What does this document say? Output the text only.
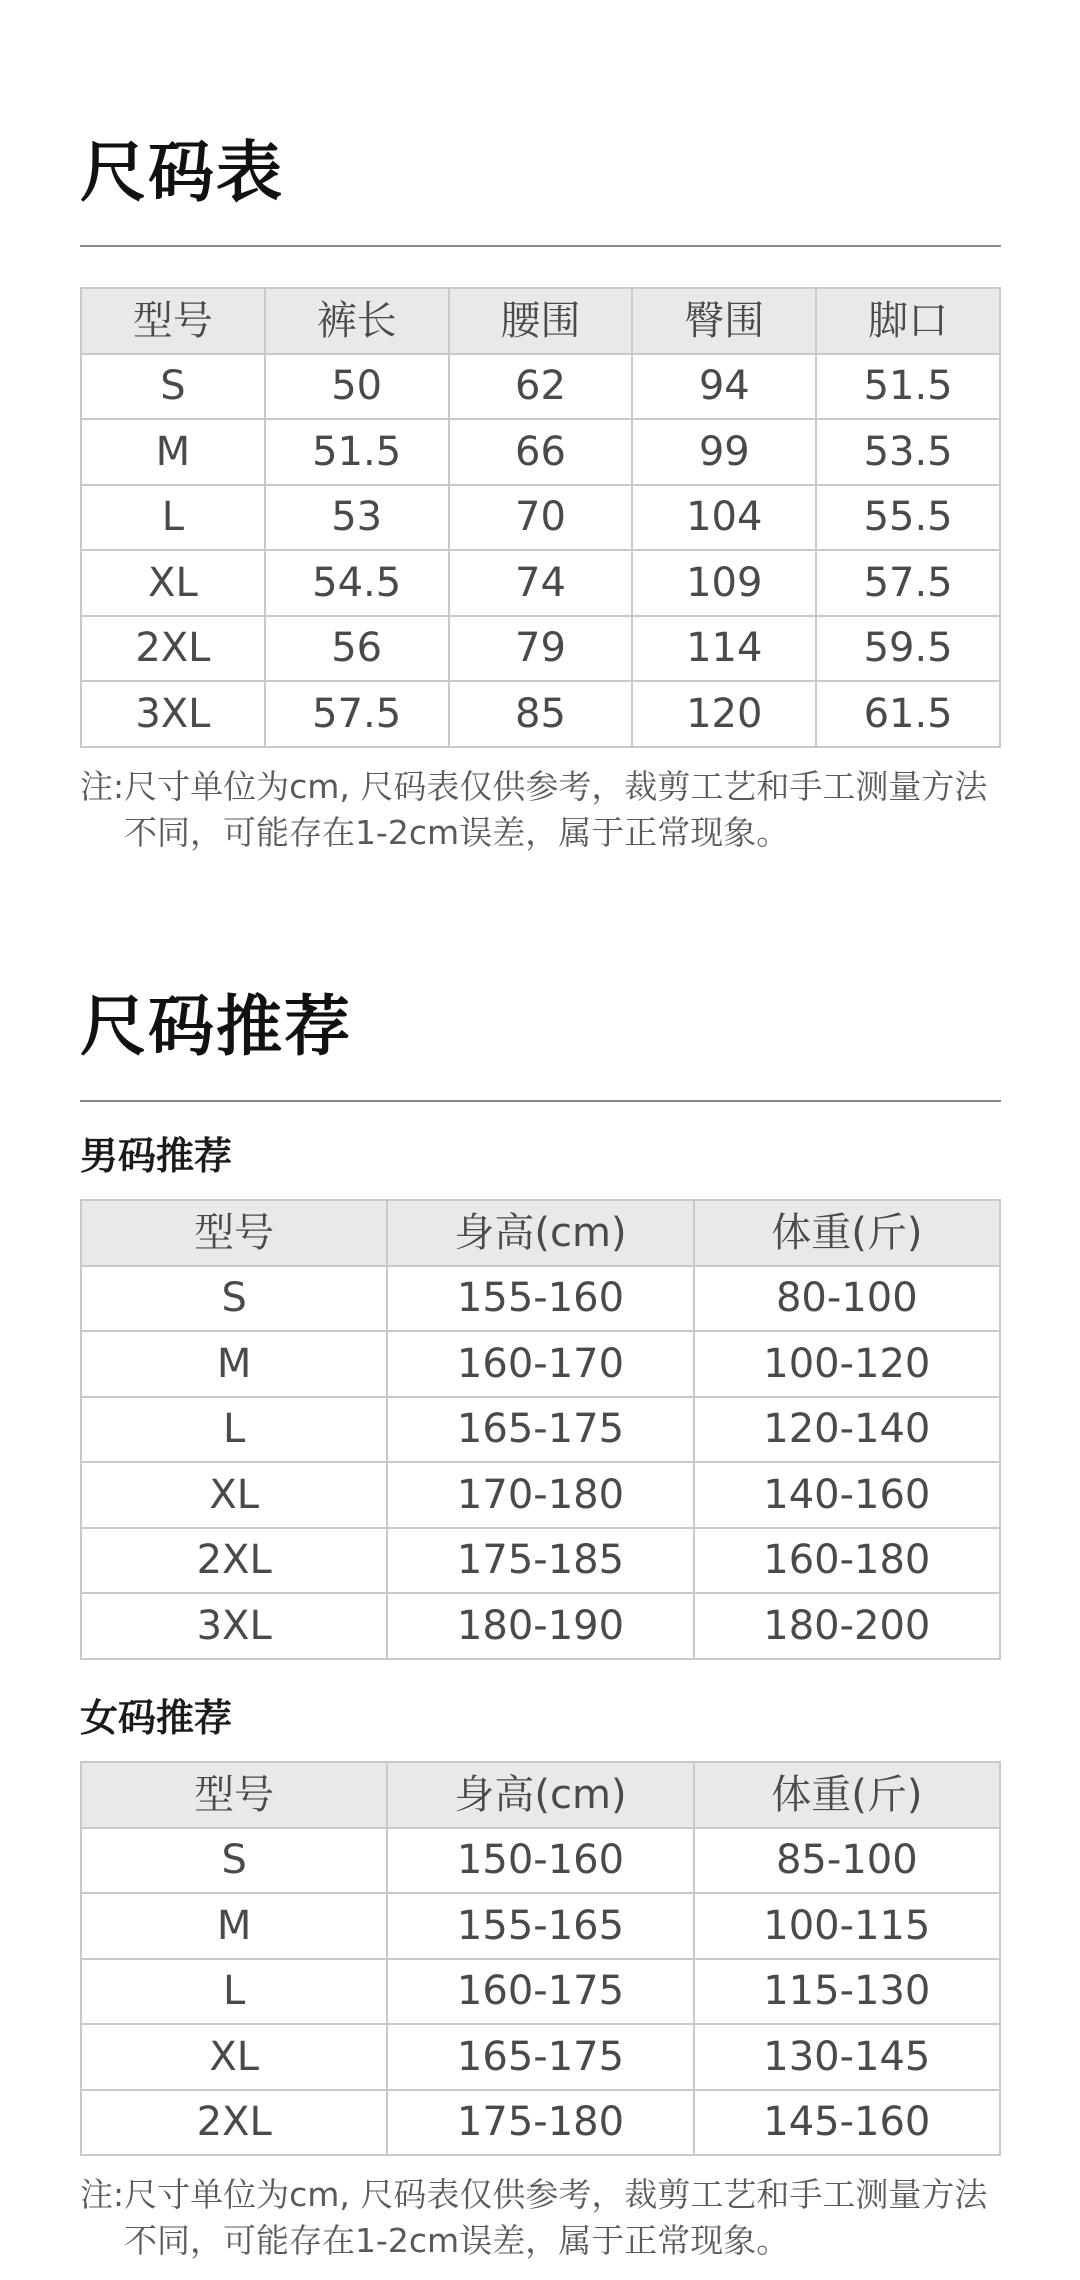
尺码表
型号	裤长	腰围	臀围	脚口
S	50	62	94	51.5
M	51.5	66	99	53.5
L	53	70	104	55.5
XL	54.5	74	109	57.5
2XL	56	79	114	59.5
3XL	57.5	85	120	61.5

注:尺寸单位为cm, 尺码表仅供参考，裁剪工艺和手工测量方法
不同，可能存在1-2cm误差，属于正常现象。

尺码推荐
男码推荐
型号	身高(cm)	体重(斤)
S	155-160	80-100
M	160-170	100-120
L	165-175	120-140
XL	170-180	140-160
2XL	175-185	160-180
3XL	180-190	180-200
女码推荐
型号	身高(cm)	体重(斤)
S	150-160	85-100
M	155-165	100-115
L	160-175	115-130
XL	165-175	130-145
2XL	175-180	145-160

注:尺寸单位为cm, 尺码表仅供参考，裁剪工艺和手工测量方法
不同，可能存在1-2cm误差，属于正常现象。
